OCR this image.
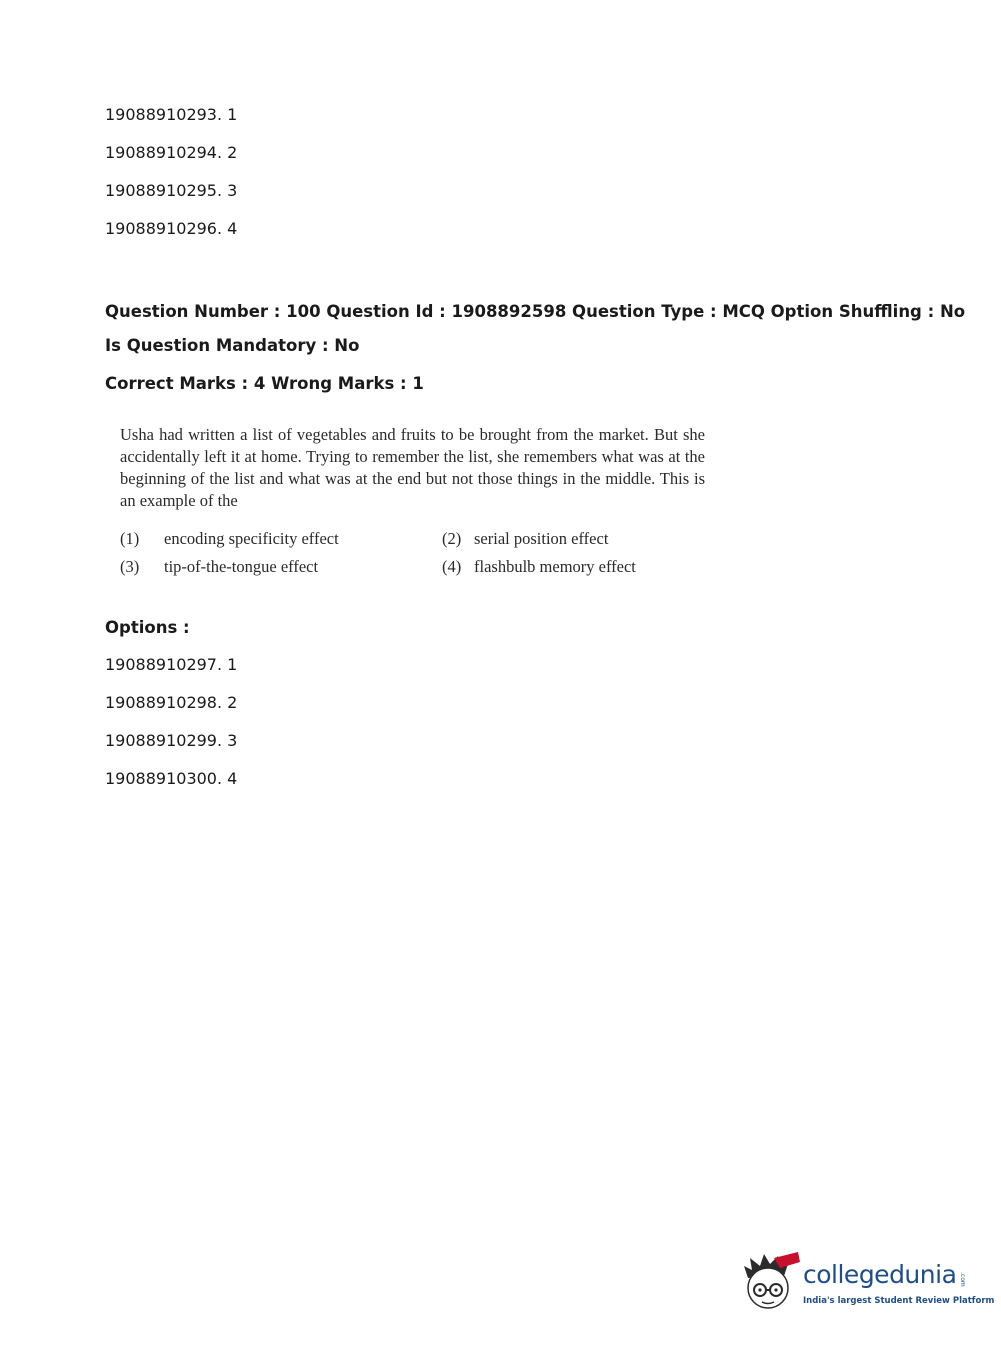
19088910293. 1

19088910294. 2

19088910295. 3

19088910296. 4

Question Number : 100 Question Id : 1908892598 Question Type : MCQ Option Shuffling : No

Is Question Mandatory : No

Correct Marks : 4 Wrong Marks : 1

Usha had written a list of vegetables and fruits to be brought from the market. But she accidentally left it at home. Trying to remember the list, she remembers what was at the beginning of the list and what was at the end but not those things in the middle. This is an example of the

(1) encoding specificity effect	(2) serial position effect
(3) tip-of-the-tongue effect	(4) flashbulb memory effect

Options :

19088910297. 1

19088910298. 2

19088910299. 3

19088910300. 4

collegedunia .com
India's largest Student Review Platform
